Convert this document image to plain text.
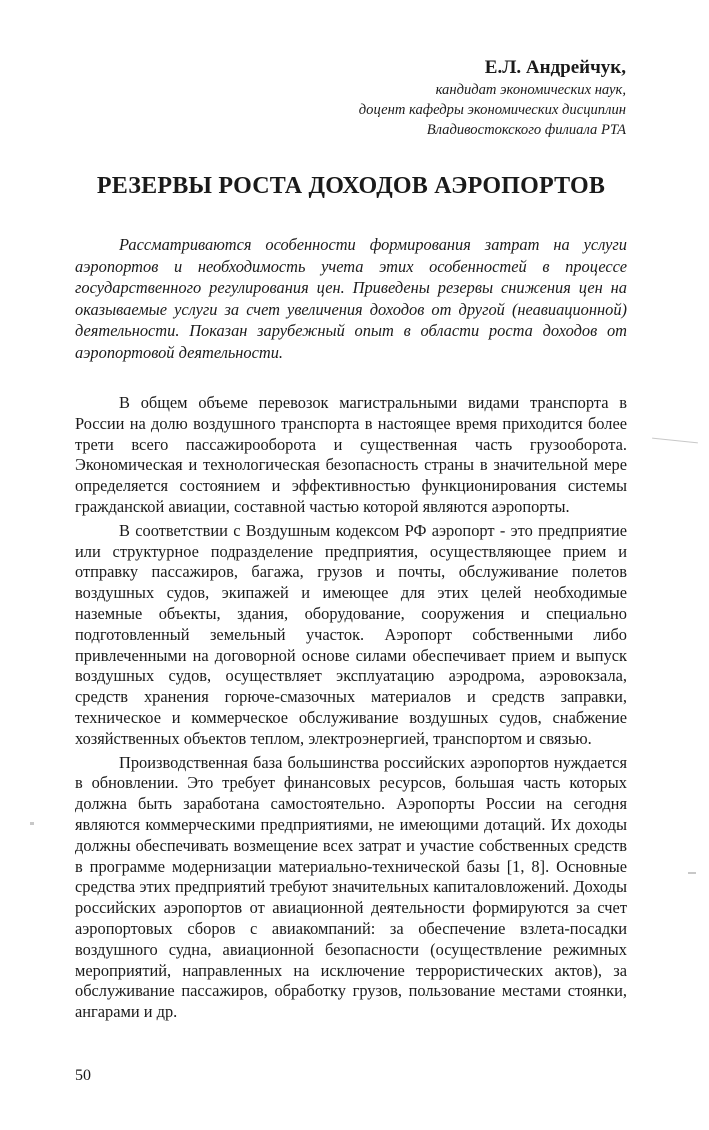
Е.Л. Андрейчук,
кандидат экономических наук,
доцент кафедры экономических дисциплин
Владивостокского филиала РТА
РЕЗЕРВЫ РОСТА ДОХОДОВ АЭРОПОРТОВ

Рассматриваются особенности формирования затрат на услуги аэропортов и необходимость учета этих особенностей в процессе государственного регулирования цен. Приведены резервы снижения цен на оказываемые услуги за счет увеличения доходов от другой (неавиационной) деятельности. Показан зарубежный опыт в области роста доходов от аэропортовой деятельности.

В общем объеме перевозок магистральными видами транспорта в России на долю воздушного транспорта в настоящее время приходится более трети всего пассажирооборота и существенная часть грузооборота. Экономическая и технологическая безопасность страны в значительной мере определяется состоянием и эффективностью функционирования системы гражданской авиации, составной частью которой являются аэропорты.

В соответствии с Воздушным кодексом РФ аэропорт - это предприятие или структурное подразделение предприятия, осуществляющее прием и отправку пассажиров, багажа, грузов и почты, обслуживание полетов воздушных судов, экипажей и имеющее для этих целей необходимые наземные объекты, здания, оборудование, сооружения и специально подготовленный земельный участок. Аэропорт собственными либо привлеченными на договорной основе силами обеспечивает прием и выпуск воздушных судов, осуществляет эксплуатацию аэродрома, аэровокзала, средств хранения горюче-смазочных материалов и средств заправки, техническое и коммерческое обслуживание воздушных судов, снабжение хозяйственных объектов теплом, электроэнергией, транспортом и связью.

Производственная база большинства российских аэропортов нуждается в обновлении. Это требует финансовых ресурсов, большая часть которых должна быть заработана самостоятельно. Аэропорты России на сегодня являются коммерческими предприятиями, не имеющими дотаций. Их доходы должны обеспечивать возмещение всех затрат и участие собственных средств в программе модернизации материально-технической базы [1, 8]. Основные средства этих предприятий требуют значительных капиталовложений. Доходы российских аэропортов от авиационной деятельности формируются за счет аэропортовых сборов с авиакомпаний: за обеспечение взлета-посадки воздушного судна, авиационной безопасности (осуществление режимных мероприятий, направленных на исключение террористических актов), за обслуживание пассажиров, обработку грузов, пользование местами стоянки, ангарами и др.

50
